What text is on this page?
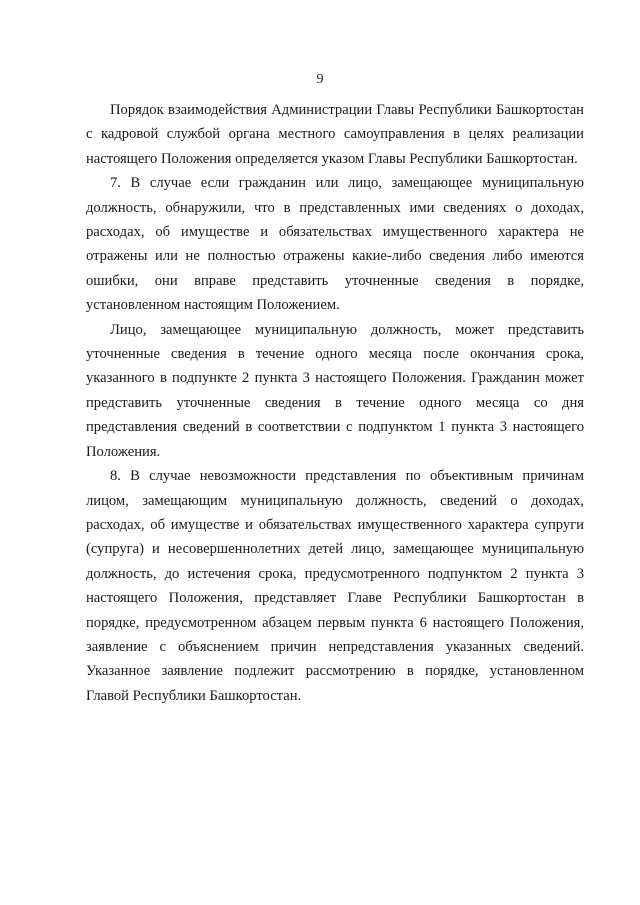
9

Порядок взаимодействия Администрации Главы Республики Башкортостан с кадровой службой органа местного самоуправления в целях реализации настоящего Положения определяется указом Главы Республики Башкортостан.

7. В случае если гражданин или лицо, замещающее муниципальную должность, обнаружили, что в представленных ими сведениях о доходах, расходах, об имуществе и обязательствах имущественного характера не отражены или не полностью отражены какие-либо сведения либо имеются ошибки, они вправе представить уточненные сведения в порядке, установленном настоящим Положением.

Лицо, замещающее муниципальную должность, может представить уточненные сведения в течение одного месяца после окончания срока, указанного в подпункте 2 пункта 3 настоящего Положения. Гражданин может представить уточненные сведения в течение одного месяца со дня представления сведений в соответствии с подпунктом 1 пункта 3 настоящего Положения.

8. В случае невозможности представления по объективным причинам лицом, замещающим муниципальную должность, сведений о доходах, расходах, об имуществе и обязательствах имущественного характера супруги (супруга) и несовершеннолетних детей лицо, замещающее муниципальную должность, до истечения срока, предусмотренного подпунктом 2 пункта 3 настоящего Положения, представляет Главе Республики Башкортостан в порядке, предусмотренном абзацем первым пункта 6 настоящего Положения, заявление с объяснением причин непредставления указанных сведений. Указанное заявление подлежит рассмотрению в порядке, установленном Главой Республики Башкортостан.
